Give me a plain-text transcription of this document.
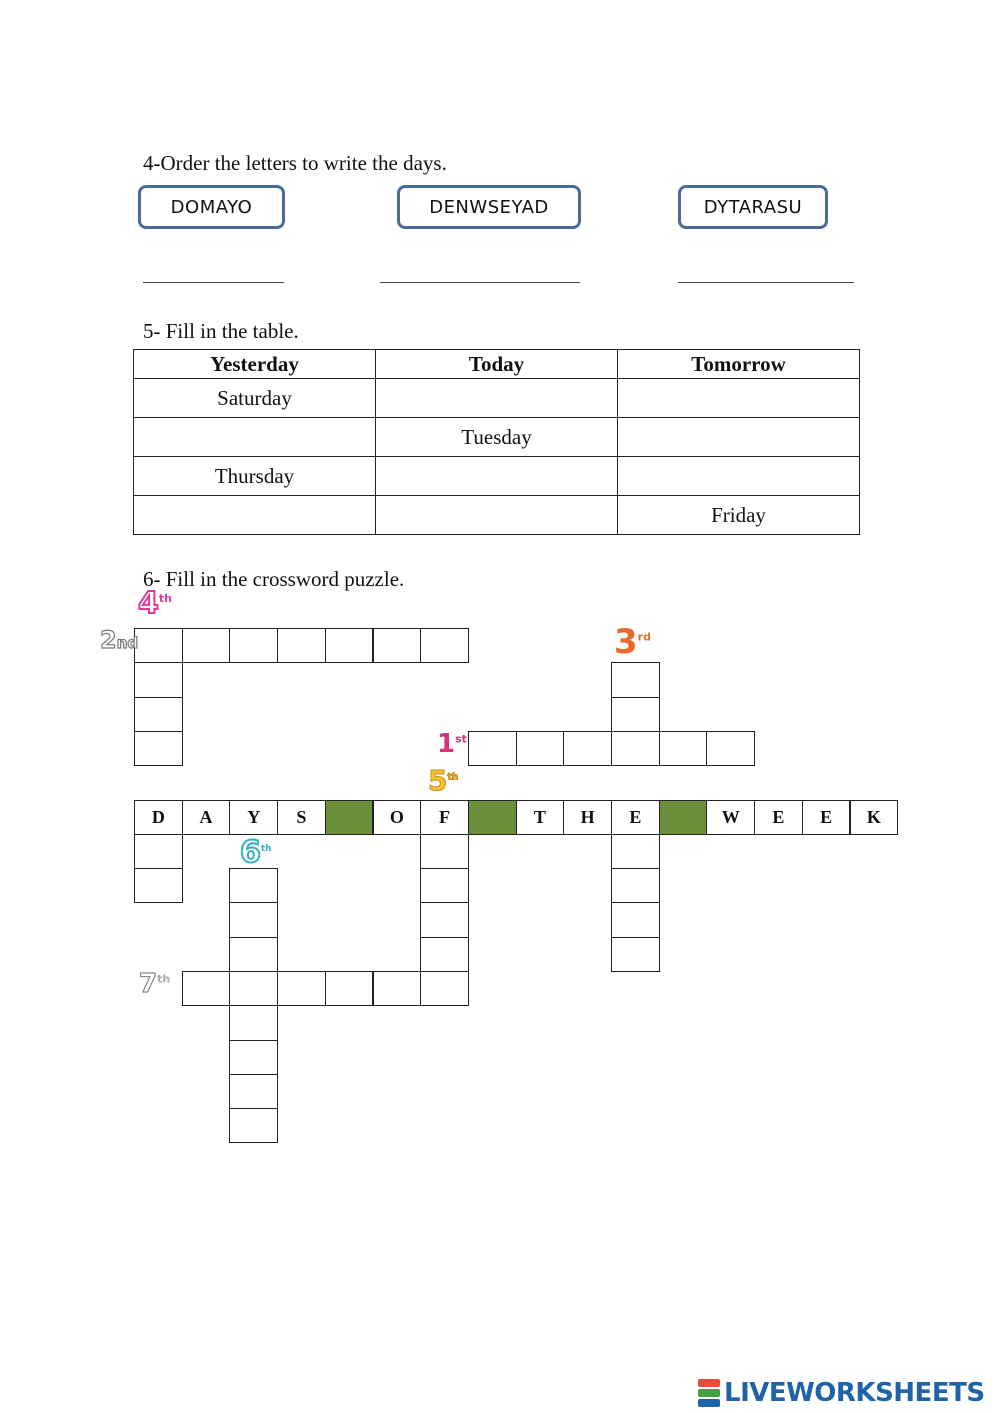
4-Order the letters to write the days.
DOMAYO	DENWSEYAD	DYTARASU
5- Fill in the table.
Yesterday	Today	Tomorrow
Saturday		
	Tuesday	
Thursday		
		Friday
6- Fill in the crossword puzzle.
D	A	Y	S	O	F	T	H	E	W	E	E	K
4th
2nd	3rd
1st
5th
6th
7th
LIVEWORKSHEETS
